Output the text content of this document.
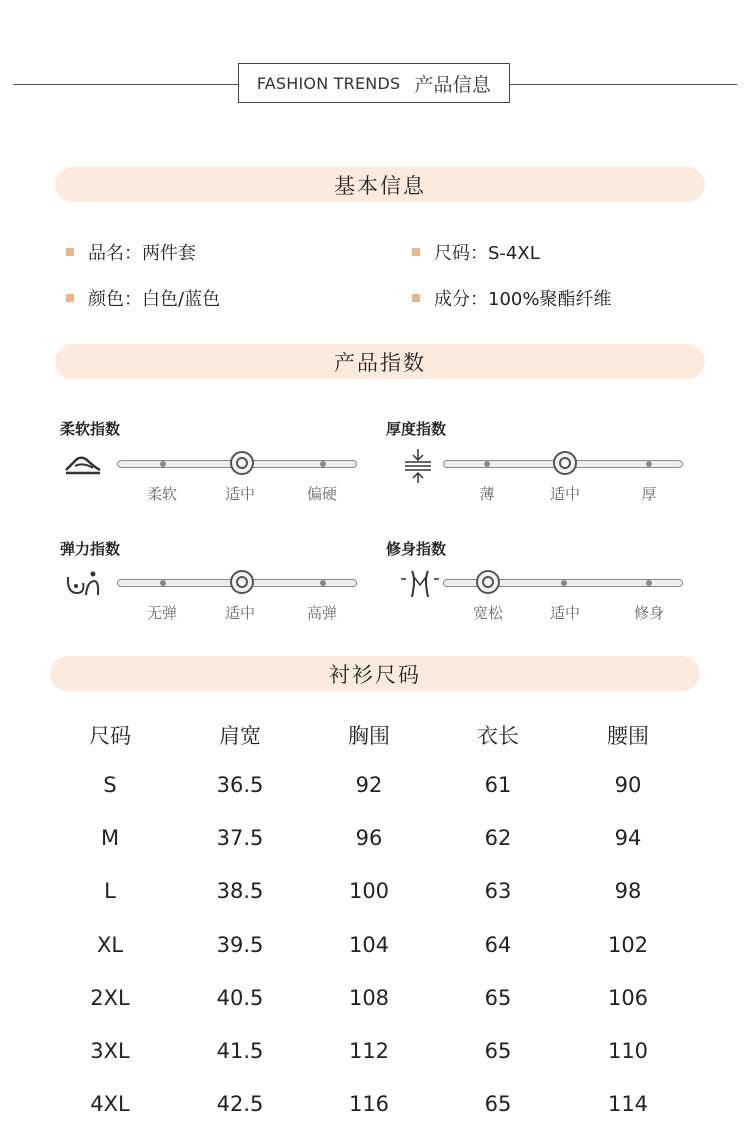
FASHION TRENDS 产品信息
基本信息
品名：两件套	尺码：S-4XL
颜色：白色/蓝色	成分：100%聚酯纤维
产品指数
柔软指数
柔软	适中	偏硬
厚度指数
薄	适中	厚
弹力指数
无弹	适中	高弹
修身指数
宽松	适中	修身
衬衫尺码
尺码	肩宽	胸围	衣长	腰围
S	36.5	92	61	90
M	37.5	96	62	94
L	38.5	100	63	98
XL	39.5	104	64	102
2XL	40.5	108	65	106
3XL	41.5	112	65	110
4XL	42.5	116	65	114
